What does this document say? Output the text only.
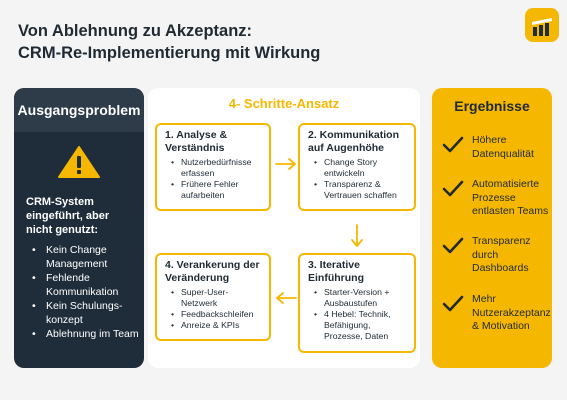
Von Ablehnung zu Akzeptanz:
CRM-Re-Implementierung mit Wirkung
Ausgangsproblem
CRM-System eingeführt, aber nicht genutzt:
• Kein Change Management
• Fehlende Kommunikation
• Kein Schulungs-konzept
• Ablehnung im Team
4- Schritte-Ansatz
1. Analyse & Verständnis
• Nutzerbedürfnisse erfassen
• Frühere Fehler aufarbeiten
2. Kommunikation auf Augenhöhe
• Change Story entwickeln
• Transparenz & Vertrauen schaffen
3. Iterative Einführung
• Starter-Version + Ausbaustufen
• 4 Hebel: Technik, Befähigung, Prozesse, Daten
4. Verankerung der Veränderung
• Super-User-Netzwerk
• Feedbackschleifen
• Anreize & KPIs
Ergebnisse
Höhere Datenqualität
Automatisierte Prozesse entlasten Teams
Transparenz durch Dashboards
Mehr Nutzerakzeptanz & Motivation
